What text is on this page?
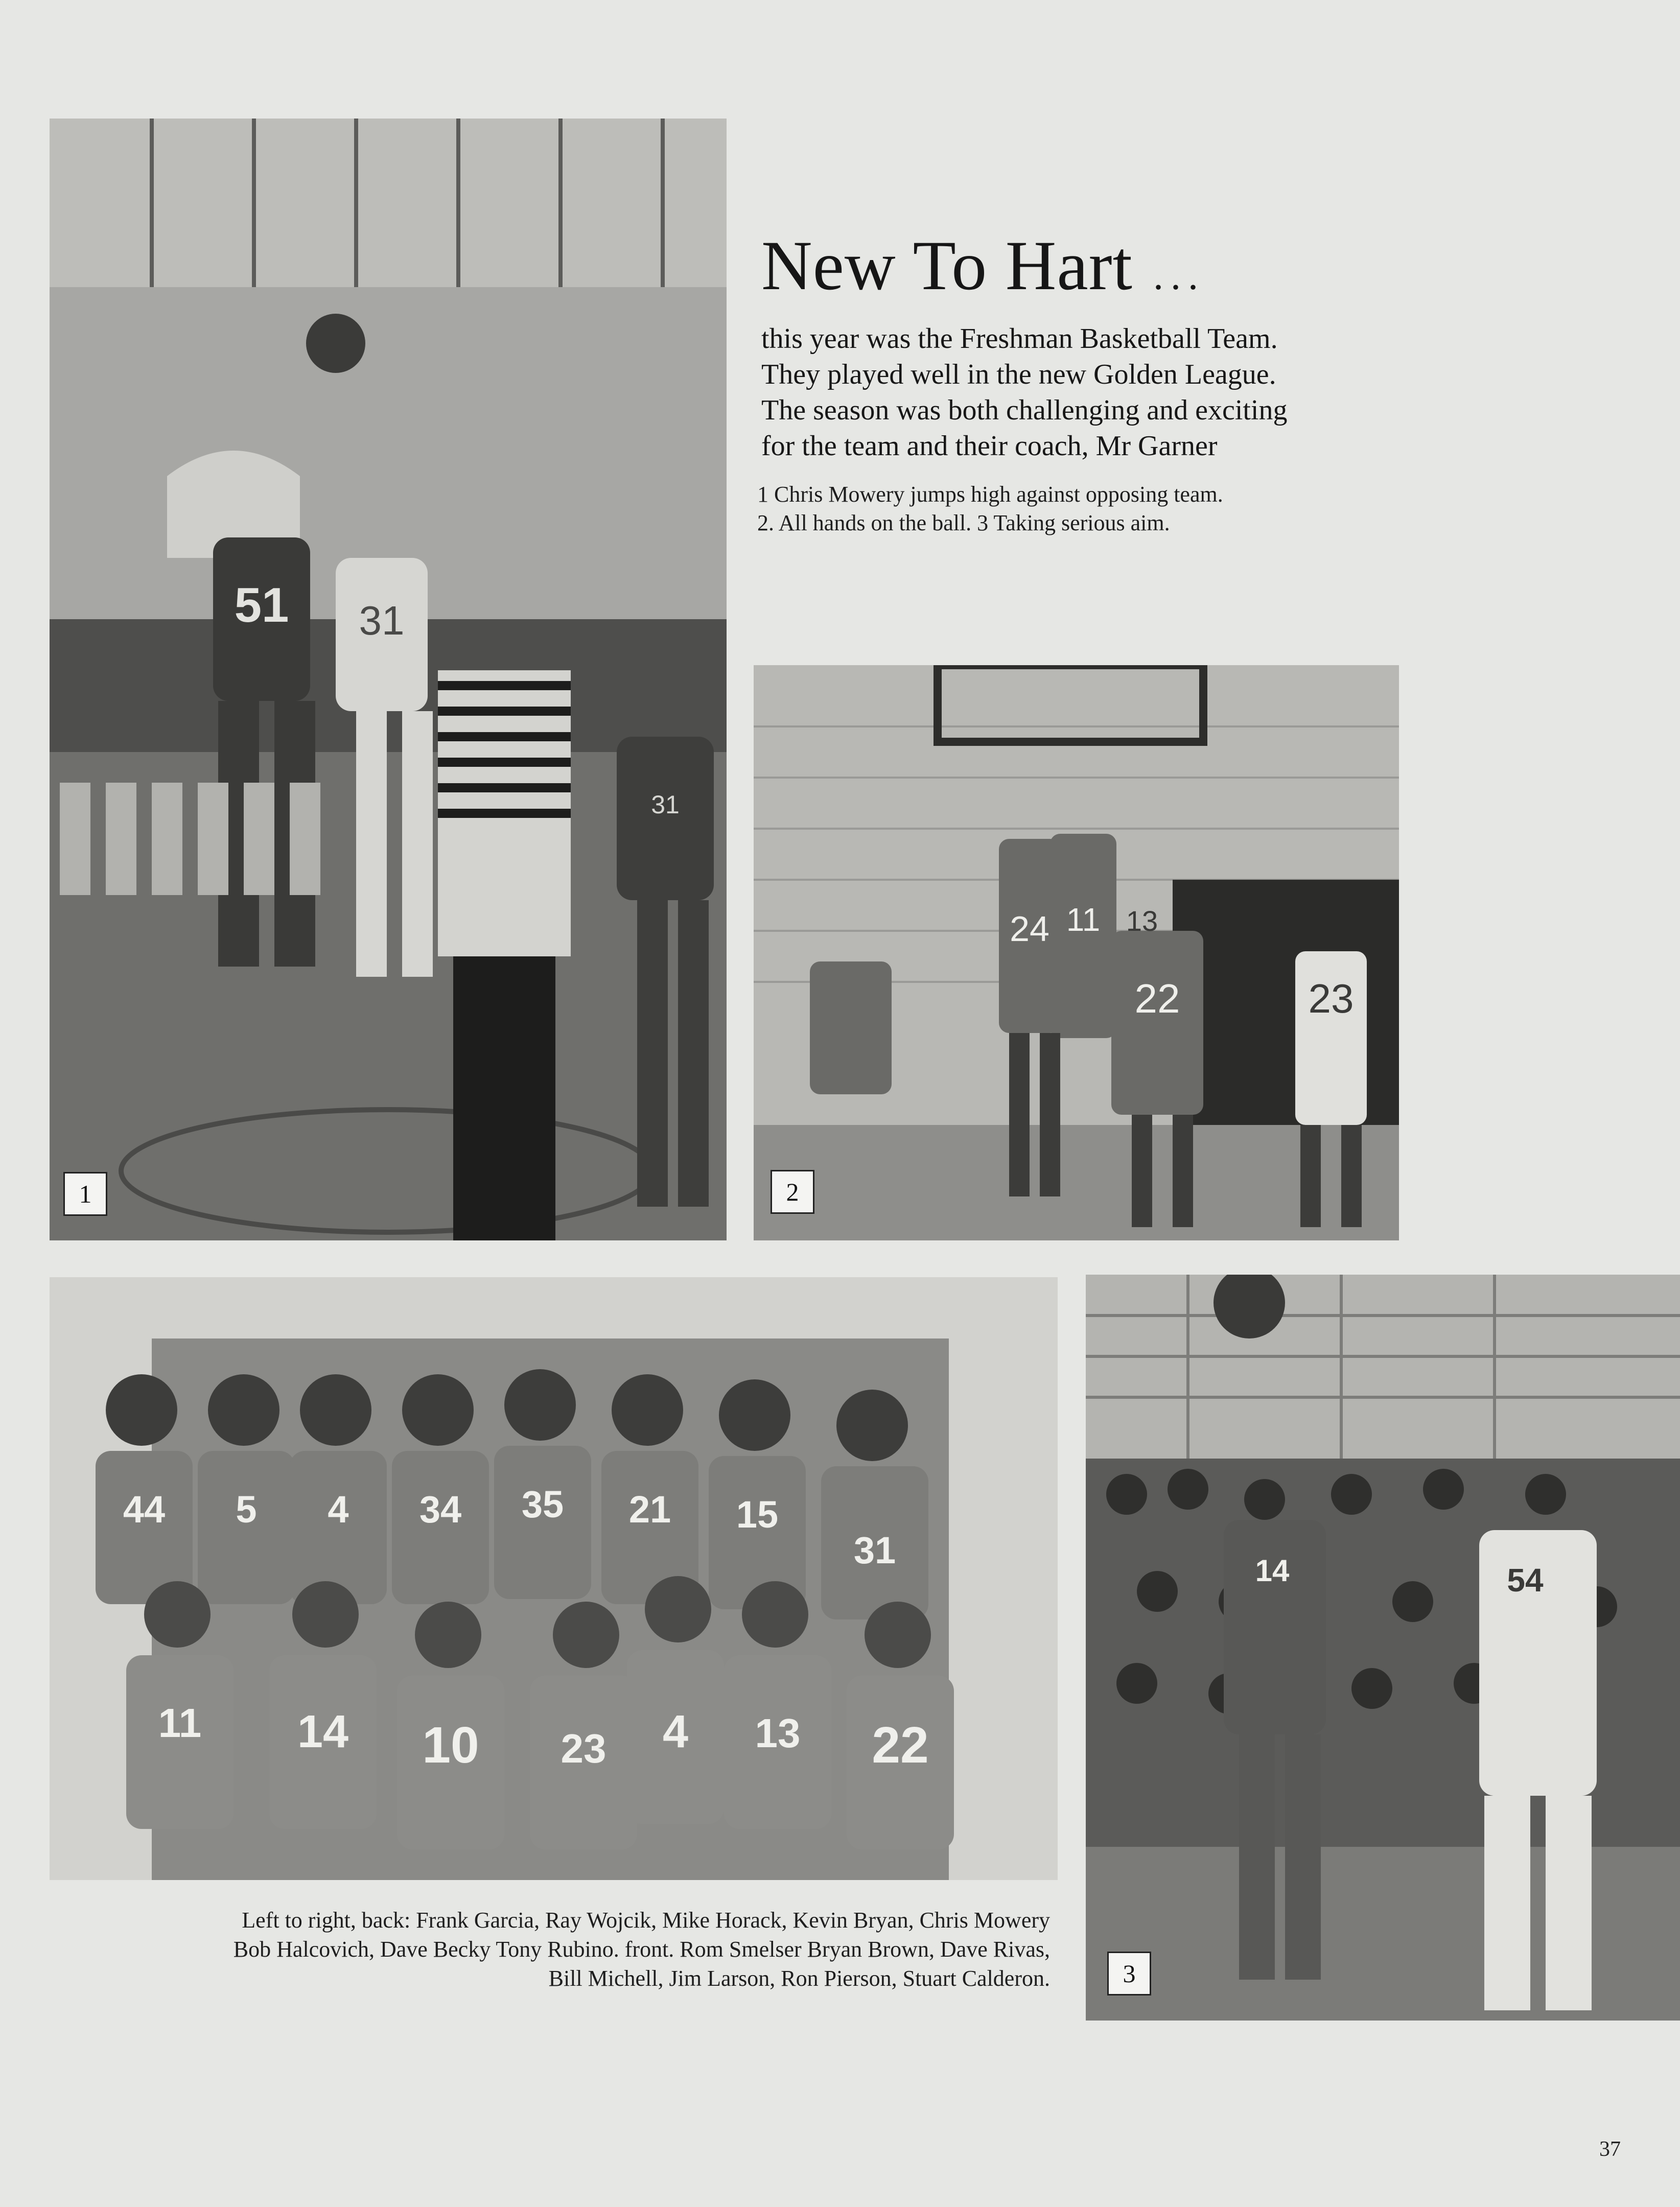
51 31
31
1
24 11
22	23
13
2
44 5 4 34 35 21 15
31
11 14 10 23 4 13 22
14	54
3
New To Hart ...
this year was the Freshman Basketball Team.
They played well in the new Golden League.
The season was both challenging and exciting
for the team and their coach, Mr Garner
1 Chris Mowery jumps high against opposing team.
2. All hands on the ball. 3 Taking serious aim.
Left to right, back: Frank Garcia, Ray Wojcik, Mike Horack, Kevin Bryan, Chris Mowery
Bob Halcovich, Dave Becky Tony Rubino. front. Rom Smelser Bryan Brown, Dave Rivas,
Bill Michell, Jim Larson, Ron Pierson, Stuart Calderon.
37
